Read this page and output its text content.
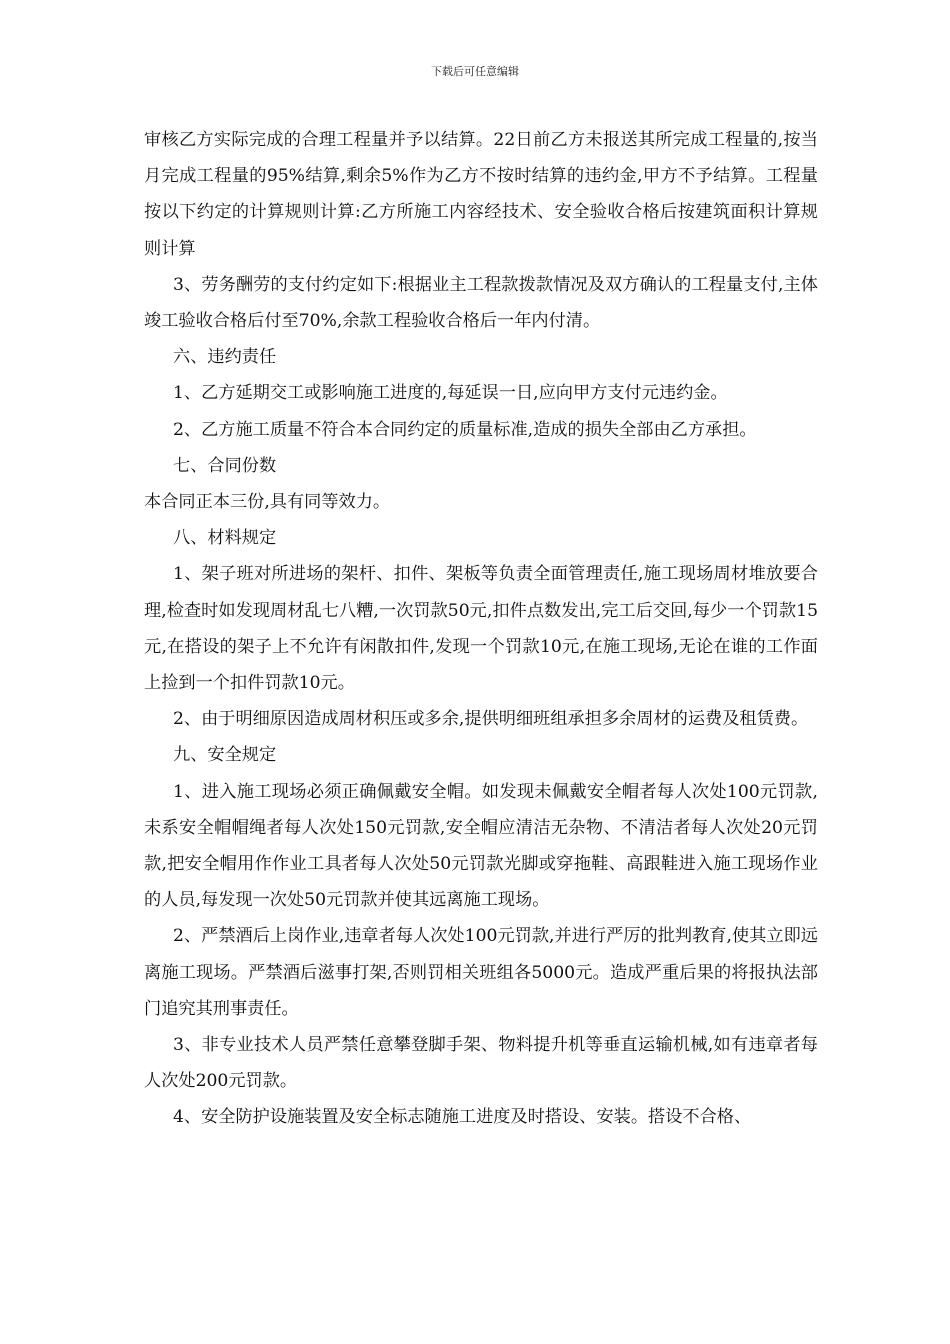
下载后可任意编辑

审核乙方实际完成的合理工程量并予以结算。22日前乙方未报送其所完成工程量的,按当月完成工程量的95%结算,剩余5%作为乙方不按时结算的违约金,甲方不予结算。工程量按以下约定的计算规则计算:乙方所施工内容经技术、安全验收合格后按建筑面积计算规则计算

3、劳务酬劳的支付约定如下:根据业主工程款拨款情况及双方确认的工程量支付,主体竣工验收合格后付至70%,余款工程验收合格后一年内付清。

六、违约责任

1、乙方延期交工或影响施工进度的,每延误一日,应向甲方支付元违约金。

2、乙方施工质量不符合本合同约定的质量标准,造成的损失全部由乙方承担。

七、合同份数

本合同正本三份,具有同等效力。

八、材料规定

1、架子班对所进场的架杆、扣件、架板等负责全面管理责任,施工现场周材堆放要合理,检查时如发现周材乱七八糟,一次罚款50元,扣件点数发出,完工后交回,每少一个罚款15元,在搭设的架子上不允许有闲散扣件,发现一个罚款10元,在施工现场,无论在谁的工作面上捡到一个扣件罚款10元。

2、由于明细原因造成周材积压或多余,提供明细班组承担多余周材的运费及租赁费。

九、安全规定

1、进入施工现场必须正确佩戴安全帽。如发现未佩戴安全帽者每人次处100元罚款,未系安全帽帽绳者每人次处150元罚款,安全帽应清洁无杂物、不清洁者每人次处20元罚款,把安全帽用作作业工具者每人次处50元罚款光脚或穿拖鞋、高跟鞋进入施工现场作业的人员,每发现一次处50元罚款并使其远离施工现场。

2、严禁酒后上岗作业,违章者每人次处100元罚款,并进行严厉的批判教育,使其立即远离施工现场。严禁酒后滋事打架,否则罚相关班组各5000元。造成严重后果的将报执法部门追究其刑事责任。

3、非专业技术人员严禁任意攀登脚手架、物料提升机等垂直运输机械,如有违章者每人次处200元罚款。

4、安全防护设施装置及安全标志随施工进度及时搭设、安装。搭设不合格、
